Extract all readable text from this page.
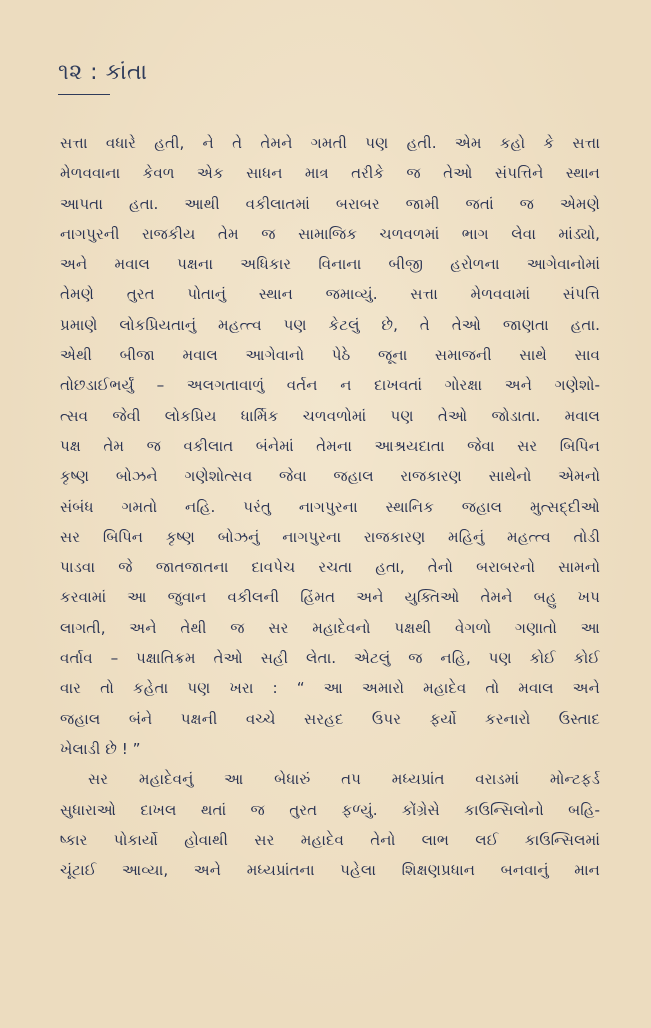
૧૨ : કાંતા

સત્તા વધારે હતી, ને તે તેમને ગમતી પણ હતી. એમ કહો કે સત્તા
મેળવવાના કેવળ એક સાધન માત્ર તરીકે જ તેઓ સંપત્તિને સ્થાન
આપતા હતા. આથી વકીલાતમાં બરાબર જામી જતાં જ એમણે
નાગપુરની રાજકીય તેમ જ સામાજિક ચળવળમાં ભાગ લેવા માંડ્યો,
અને મવાલ પક્ષના અધિકાર વિનાના બીજી હરોળના આગેવાનોમાં
તેમણે તુરત પોતાનું સ્થાન જમાવ્યું. સત્તા મેળવવામાં સંપત્તિ
પ્રમાણે લોકપ્રિયતાનું મહત્ત્વ પણ કેટલું છે, તે તેઓ જાણતા હતા.
એથી બીજા મવાલ આગેવાનો પેઠે જૂના સમાજની સાથે સાવ
તોછડાઈભર્યું – અલગતાવાળું વર્તન ન દાખવતાં ગોરક્ષા અને ગણેશો-
ત્સવ જેવી લોકપ્રિય ધાર્મિક ચળવળોમાં પણ તેઓ જોડાતા. મવાલ
પક્ષ તેમ જ વકીલાત બંનેમાં તેમના આશ્રયદાતા જેવા સર બિપિન
કૃષ્ણ બોઝને ગણેશોત્સવ જેવા જહાલ રાજકારણ સાથેનો એમનો
સંબંધ ગમતો નહિ. પરંતુ નાગપુરના સ્થાનિક જહાલ મુત્સદ્દીઓ
સર બિપિન કૃષ્ણ બોઝનું નાગપુરના રાજકારણ મહિનું મહત્ત્વ તોડી
પાડવા જે જાતજાતના દાવપેચ રચતા હતા, તેનો બરાબરનો સામનો
કરવામાં આ જુવાન વકીલની હિંમત અને યુક્તિઓ તેમને બહુ ખપ
લાગતી, અને તેથી જ સર મહાદેવનો પક્ષથી વેગળો ગણાતો આ
વર્તાવ – પક્ષાતિક્રમ તેઓ સહી લેતા. એટલું જ નહિ, પણ કોઈ કોઈ
વાર તો કહેતા પણ ખરા : “ આ અમારો મહાદેવ તો મવાલ અને
જહાલ બંને પક્ષની વચ્ચે સરહદ ઉપર ફર્યો કરનારો ઉસ્તાદ
ખેલાડી છે ! ”

સર મહાદેવનું આ બેધારું તપ મધ્યપ્રાંત વરાડમાં મોન્ટફર્ડ
સુધારાઓ દાખલ થતાં જ તુરત ફળ્યું. કોંગ્રેસે કાઉન્સિલોનો બહિ-
ષ્કાર પોકાર્યો હોવાથી સર મહાદેવ તેનો લાભ લઈ કાઉન્સિલમાં
ચૂંટાઈ આવ્યા, અને મધ્યપ્રાંતના પહેલા શિક્ષણપ્રધાન બનવાનું માન
